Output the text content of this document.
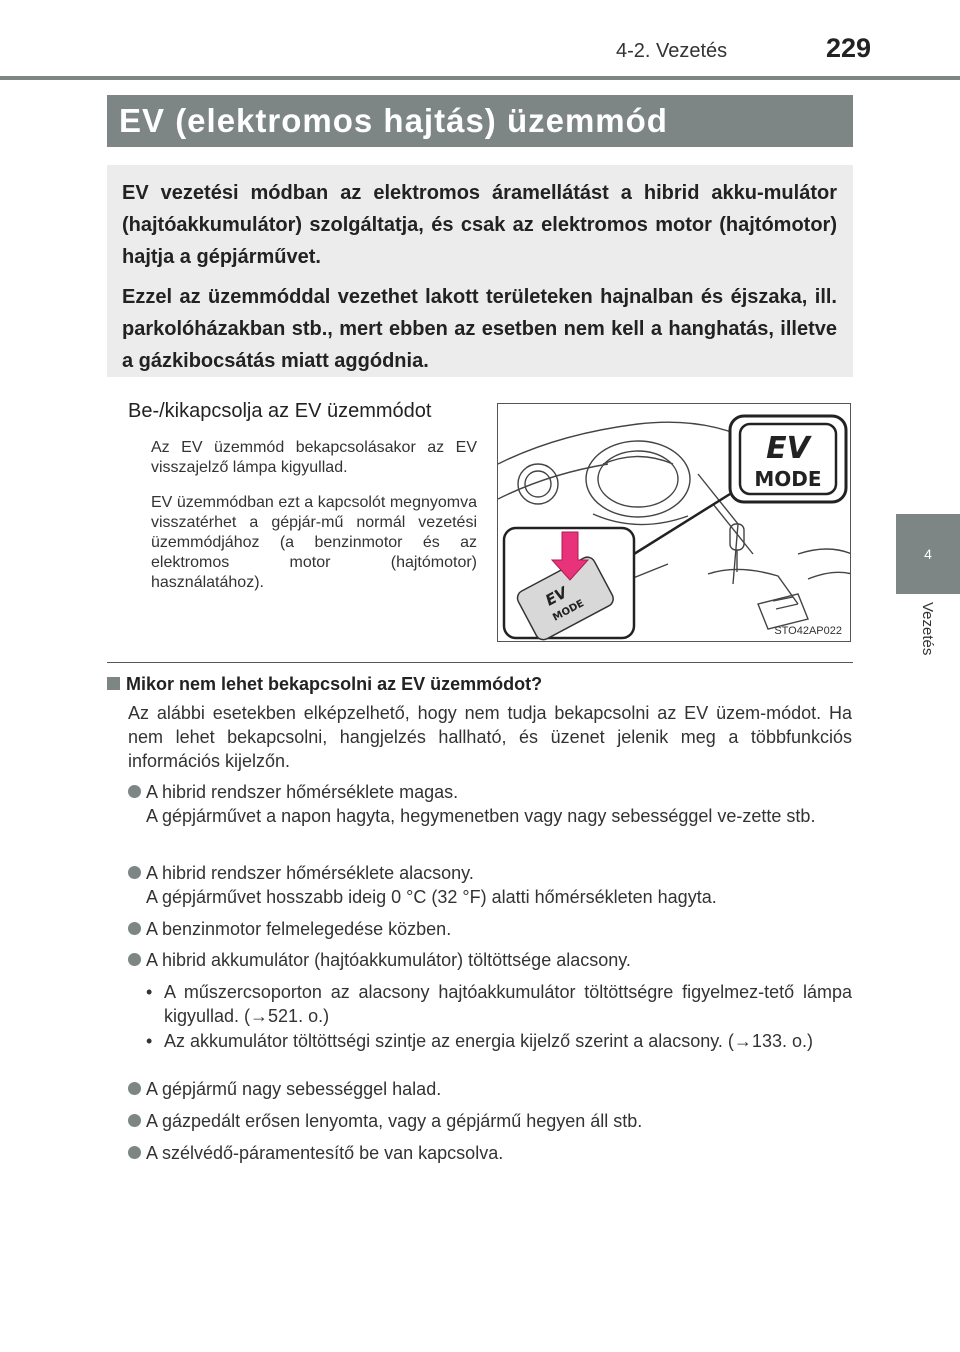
4-2. Vezetés	229
4
Vezetés
EV (elektromos hajtás) üzemmód

EV vezetési módban az elektromos áramellátást a hibrid akku-mulátor (hajtóakkumulátor) szolgáltatja, és csak az elektromos motor (hajtómotor) hajtja a gépjárművet.

Ezzel az üzemmóddal vezethet lakott területeken hajnalban és éjszaka, ill. parkolóházakban stb., mert ebben az esetben nem kell a hanghatás, illetve a gázkibocsátás miatt aggódnia.

Be-/kikapcsolja az EV üzemmódot
Az EV üzemmód bekapcsolásakor az EV visszajelző lámpa kigyullad.
EV üzemmódban ezt a kapcsolót megnyomva visszatérhet a gépjár-mű normál vezetési üzemmódjához (a benzinmotor és az elektromos motor (hajtómotor) használatához).
EV
MODE
EV
MODE
STO42AP022
Mikor nem lehet bekapcsolni az EV üzemmódot?
Az alábbi esetekben elképzelhető, hogy nem tudja bekapcsolni az EV üzem-módot. Ha nem lehet bekapcsolni, hangjelzés hallható, és üzenet jelenik meg a többfunkciós információs kijelzőn.
A hibrid rendszer hőmérséklete magas.
A gépjárművet a napon hagyta, hegymenetben vagy nagy sebességgel ve-zette stb.
A hibrid rendszer hőmérséklete alacsony.
A gépjárművet hosszabb ideig 0 °C (32 °F) alatti hőmérsékleten hagyta.
A benzinmotor felmelegedése közben.
A hibrid akkumulátor (hajtóakkumulátor) töltöttsége alacsony.
• A műszercsoporton az alacsony hajtóakkumulátor töltöttségre figyelmez-tető lámpa kigyullad. (→521. o.)
• Az akkumulátor töltöttségi szintje az energia kijelző szerint a alacsony. (→133. o.)
A gépjármű nagy sebességgel halad.
A gázpedált erősen lenyomta, vagy a gépjármű hegyen áll stb.
A szélvédő-páramentesítő be van kapcsolva.
